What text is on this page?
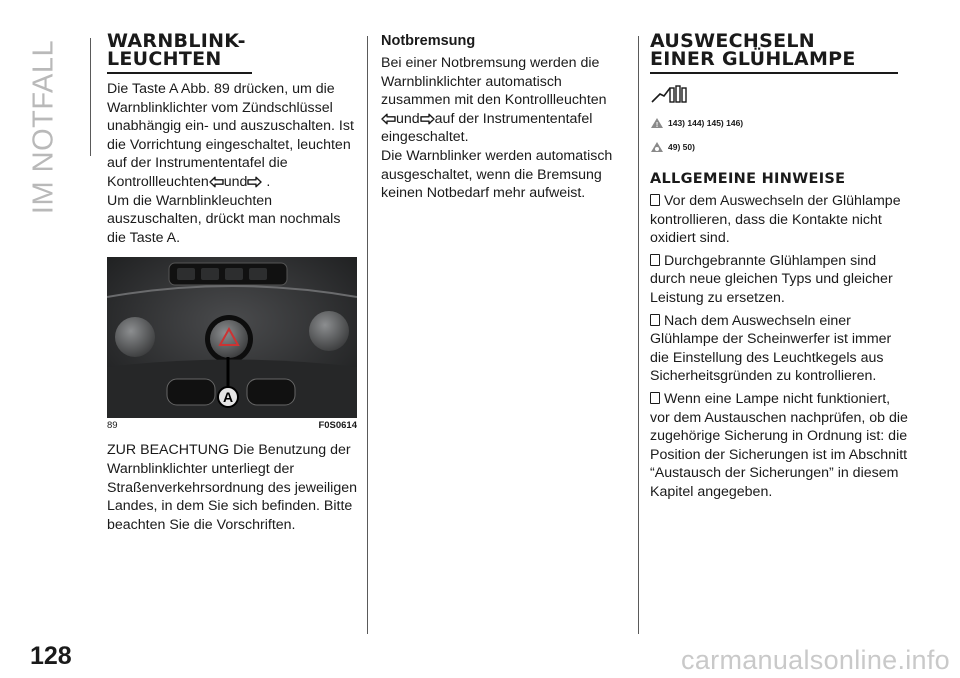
IM NOTFALL	WARNBLINK-
LEUCHTEN

Die Taste A Abb. 89 drücken, um die Warnblinklichter vom Zündschlüssel unabhängig ein- und auszuschalten. Ist die Vorrichtung eingeschaltet, leuchten auf der Instrumententafel die Kontrollleuchten und .

Um die Warnblinkleuchten auszuschalten, drückt man nochmals die Taste A.

A
89	F0S0614

ZUR BEACHTUNG Die Benutzung der Warnblinklichter unterliegt der Straßenverkehrsordnung des jeweiligen Landes, in dem Sie sich befinden. Bitte beachten Sie die Vorschriften.

Notbremsung

Bei einer Notbremsung werden die Warnblinklichter automatisch zusammen mit den Kontrollleuchten
und auf der Instrumententafel eingeschaltet.

Die Warnblinker werden automatisch ausgeschaltet, wenn die Bremsung keinen Notbedarf mehr aufweist.

AUSWECHSELN
EINER GLÜHLAMPE
! 143) 144) 145) 146)
49) 50)
ALLGEMEINE HINWEISE

Vor dem Auswechseln der Glühlampe kontrollieren, dass die Kontakte nicht oxidiert sind.

Durchgebrannte Glühlampen sind durch neue gleichen Typs und gleicher Leistung zu ersetzen.

Nach dem Auswechseln einer Glühlampe der Scheinwerfer ist immer die Einstellung des Leuchtkegels aus Sicherheitsgründen zu kontrollieren.

Wenn eine Lampe nicht funktioniert, vor dem Austauschen nachprüfen, ob die zugehörige Sicherung in Ordnung ist: die Position der Sicherungen ist im Abschnitt “Austausch der Sicherungen” in diesem Kapitel angegeben.

128	carmanualsonline.info
